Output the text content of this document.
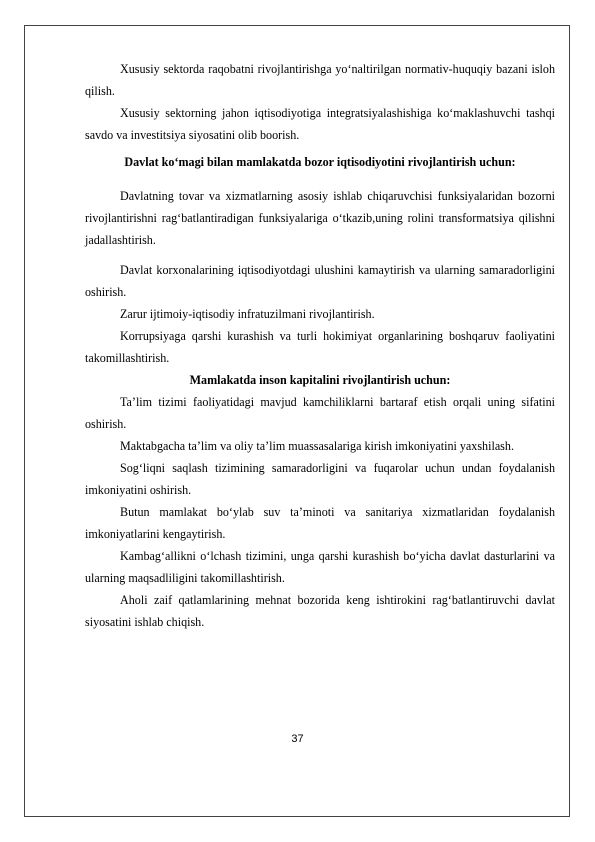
Xususiy sektorda raqobatni rivojlantirishga yo‘naltirilgan normativ-huquqiy bazani isloh qilish.

Xususiy sektorning jahon iqtisodiyotiga integratsiyalashishiga ko‘maklashuvchi tashqi savdo va investitsiya siyosatini olib boorish.

Davlat ko‘magi bilan mamlakatda bozor iqtisodiyotini rivojlantirish uchun:

Davlatning tovar va xizmatlarning asosiy ishlab chiqaruvchisi funksiyalaridan bozorni rivojlantirishni rag‘batlantiradigan funksiyalariga o‘tkazib,uning rolini transformatsiya qilishni jadallashtirish.

Davlat korxonalarining iqtisodiyotdagi ulushini kamaytirish va ularning samaradorligini oshirish.

Zarur ijtimoiy-iqtisodiy infratuzilmani rivojlantirish.

Korrupsiyaga qarshi kurashish va turli hokimiyat organlarining boshqaruv faoliyatini takomillashtirish.

Mamlakatda inson kapitalini rivojlantirish uchun:

Ta’lim tizimi faoliyatidagi mavjud kamchiliklarni bartaraf etish orqali uning sifatini oshirish.

Maktabgacha ta’lim va oliy ta’lim muassasalariga kirish imkoniyatini yaxshilash.

Sog‘liqni saqlash tizimining samaradorligini va fuqarolar uchun undan foydalanish imkoniyatini oshirish.

Butun mamlakat bo‘ylab suv ta’minoti va sanitariya xizmatlaridan foydalanish imkoniyatlarini kengaytirish.

Kambag‘allikni o‘lchash tizimini, unga qarshi kurashish bo‘yicha davlat dasturlarini va ularning maqsadliligini takomillashtirish.

Aholi zaif qatlamlarining mehnat bozorida keng ishtirokini rag‘batlantiruvchi davlat siyosatini ishlab chiqish.

37
